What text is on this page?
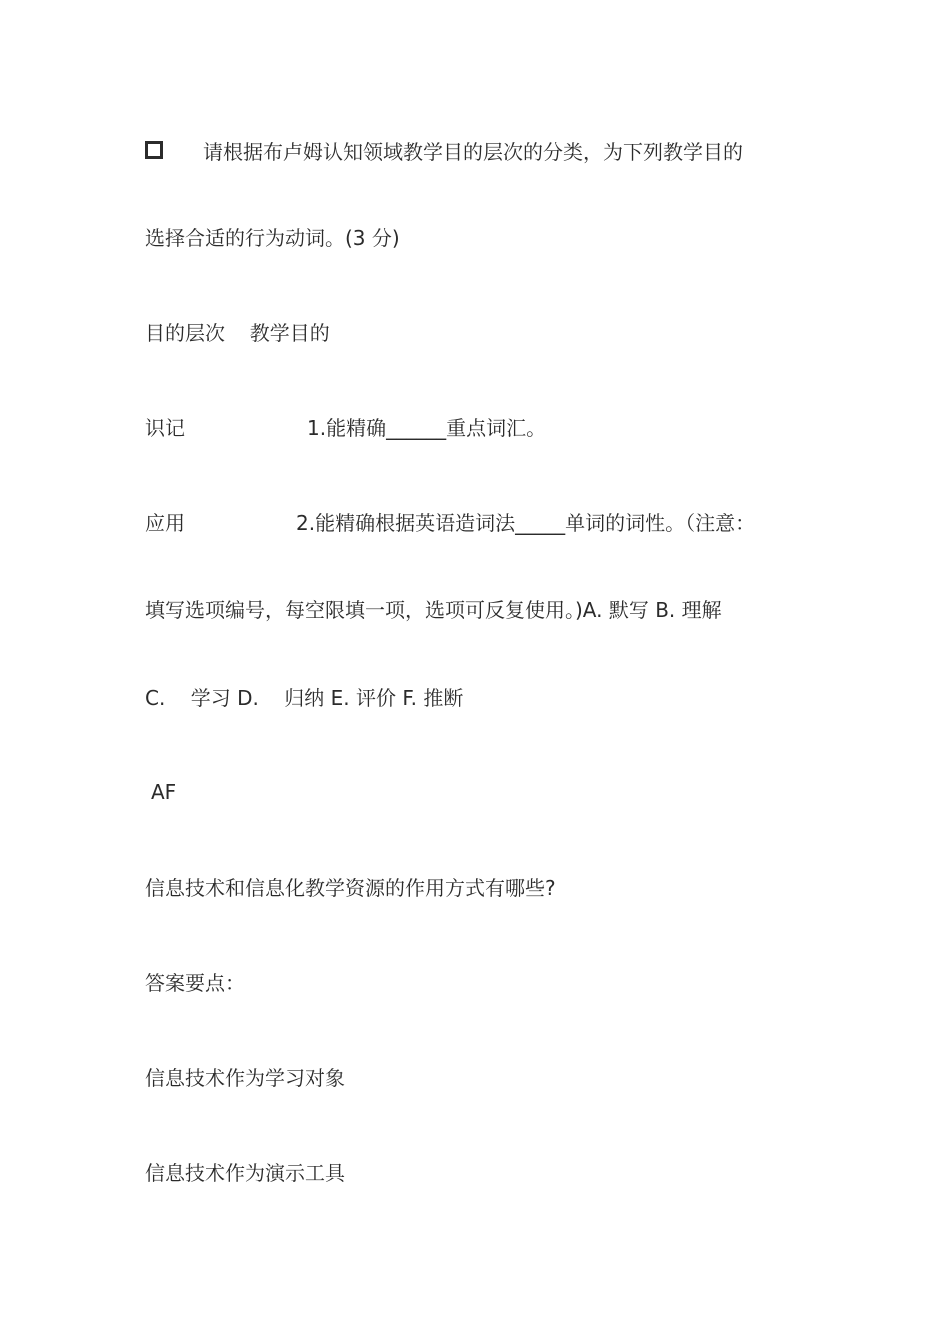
请根据布卢姆认知领域教学目的层次的分类，为下列教学目的
选择合适的行为动词。(3 分)
目的层次 教学目的
识记	1.能精确______重点词汇。
应用	2.能精确根据英语造词法_____单词的词性。（注意：
填写选项编号，每空限填一项，选项可反复使用。)A. 默写 B. 理解
C.    学习 D.    归纳 E. 评价 F. 推断
AF
信息技术和信息化教学资源的作用方式有哪些?
答案要点：
信息技术作为学习对象
信息技术作为演示工具
